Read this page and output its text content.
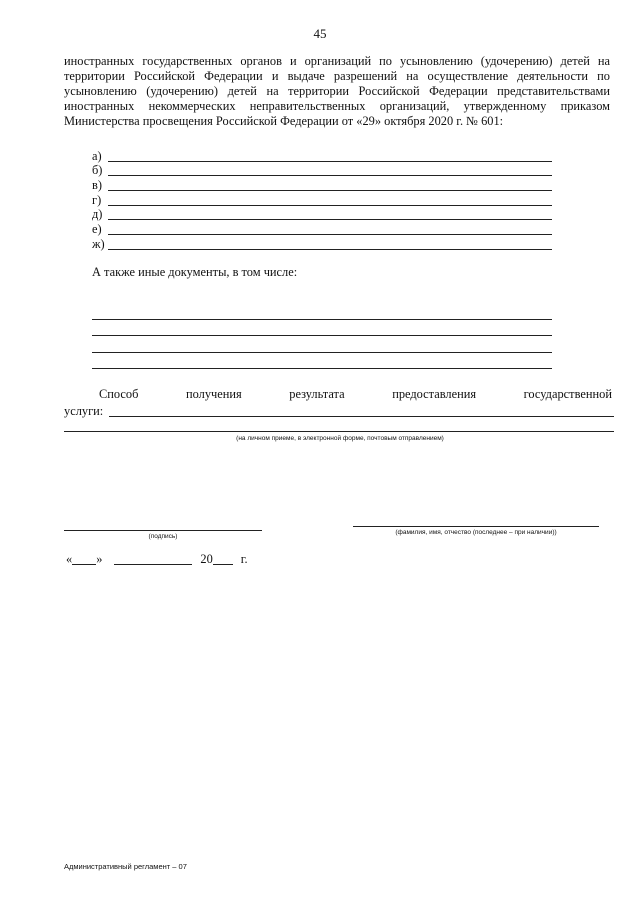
45
иностранных государственных органов и организаций по усыновлению (удочерению) детей на
территории Российской Федерации и выдаче разрешений на осуществление деятельности по
усыновлению (удочерению) детей на территории Российской Федерации представительствами
иностранных некоммерческих неправительственных организаций, утвержденному приказом
Министерства просвещения Российской Федерации от «29» октября 2020 г. № 601:
а)
б)
в)
г)
д)
е)
ж)
А также иные документы, в том числе:
Способ	получения	результата	предоставления	государственной
услуги:
(на личном приеме, в электронной форме, почтовым отправлением)
(подпись)
(фамилия, имя, отчество (последнее – при наличии))
« »	20 г.
Административный регламент – 07
